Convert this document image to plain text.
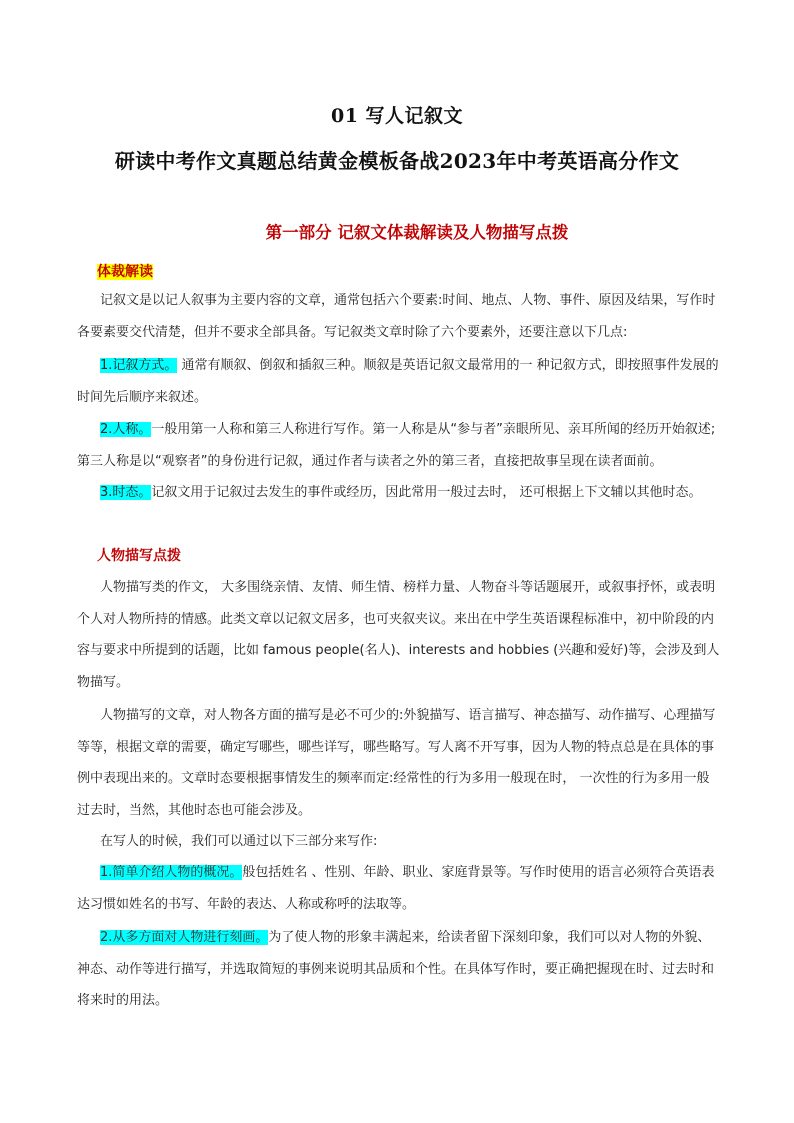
01 写人记叙文
研读中考作文真题总结黄金模板备战2023年中考英语高分作文
第一部分 记叙文体裁解读及人物描写点拨
体裁解读
记叙文是以记人叙事为主要内容的文章，通常包括六个要素:时间、地点、人物、事件、原因及结果，写作时各要素要交代清楚，但并不要求全部具备。写记叙类文章时除了六个要素外，还要注意以下几点:
1.记叙方式。 通常有顺叙、倒叙和插叙三种。顺叙是英语记叙文最常用的一 种记叙方式，即按照事件发展的时间先后顺序来叙述。
2.人称。一般用第一人称和第三人称进行写作。第一人称是从“参与者”亲眼所见、亲耳所闻的经历开始叙述;第三人称是以“观察者”的身份进行记叙，通过作者与读者之外的第三者，直接把故事呈现在读者面前。
3.时态。记叙文用于记叙过去发生的事件或经历，因此常用一般过去时， 还可根据上下文辅以其他时态。
人物描写点拨
人物描写类的作文， 大多围绕亲情、友情、师生情、榜样力量、人物奋斗等话题展开，或叙事抒怀，或表明个人对人物所持的情感。此类文章以记叙文居多，也可夹叙夹议。来出在中学生英语课程标准中，初中阶段的内容与要求中所提到的话题，比如 famous people(名人)、interests and hobbies (兴趣和爱好)等，会涉及到人物描写。
人物描写的文章，对人物各方面的描写是必不可少的:外貌描写、语言描写、神态描写、动作描写、心理描写等等，根据文章的需要，确定写哪些，哪些详写，哪些略写。写人离不开写事，因为人物的特点总是在具体的事例中表现出来的。文章时态要根据事情发生的频率而定:经常性的行为多用一般现在时， 一次性的行为多用一般过去时，当然，其他时态也可能会涉及。
在写人的时候，我们可以通过以下三部分来写作:
1.简单介绍人物的概况。般包括姓名 、性别、年龄、职业、家庭背景等。写作时使用的语言必须符合英语表达习惯如姓名的书写、年龄的表达、人称或称呼的法取等。
2.从多方面对人物进行刻画。为了使人物的形象丰满起来，给读者留下深刻印象，我们可以对人物的外貌、神态、动作等进行描写，并选取简短的事例来说明其品质和个性。在具体写作时，要正确把握现在时、过去时和将来时的用法。
